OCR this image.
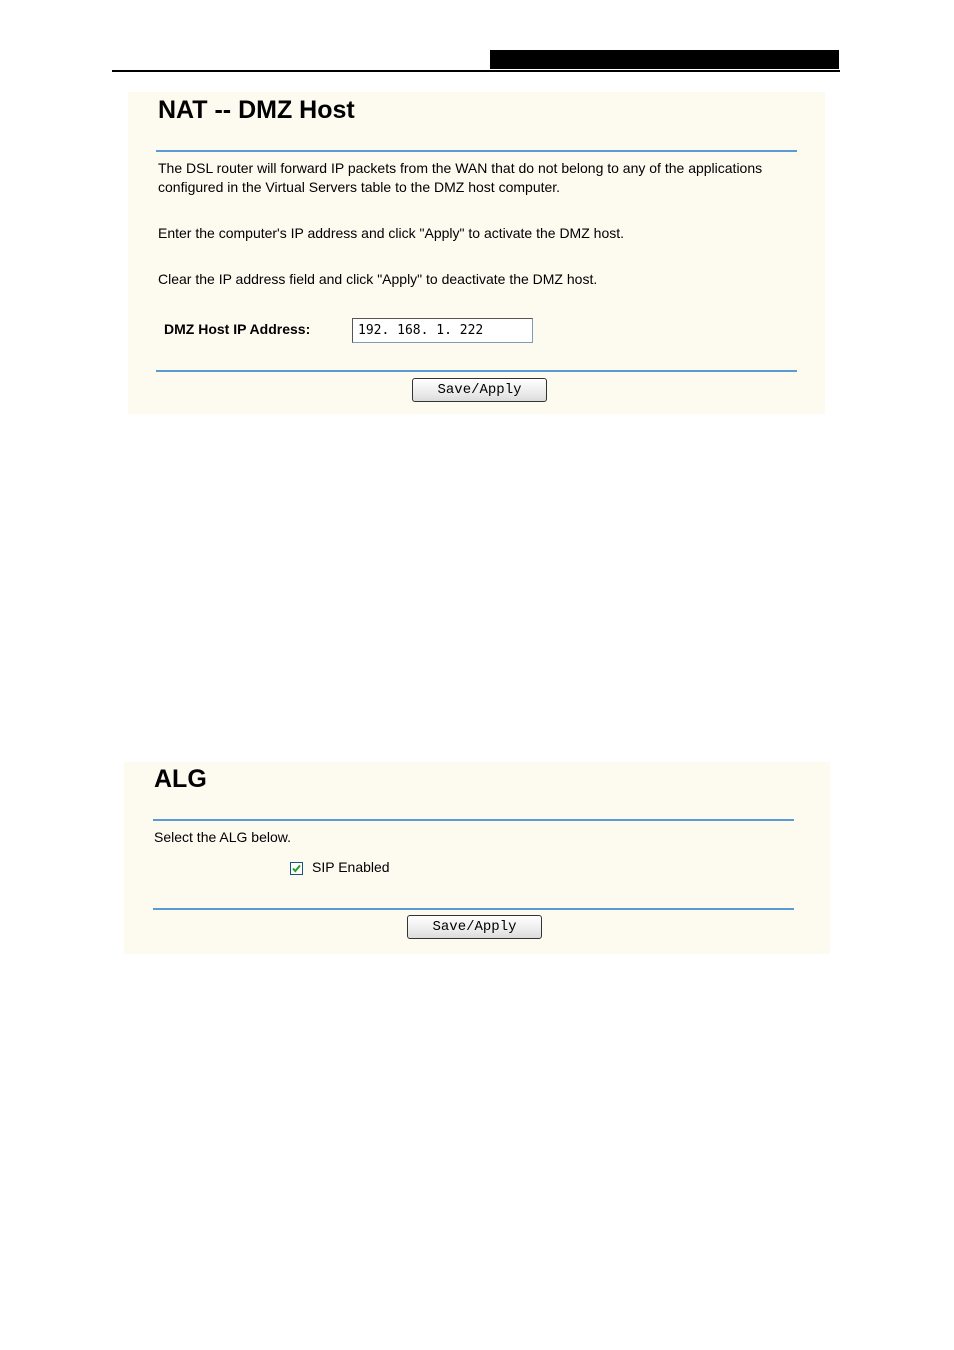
NAT -- DMZ Host
The DSL router will forward IP packets from the WAN that do not belong to any of the applications
configured in the Virtual Servers table to the DMZ host computer.
Enter the computer's IP address and click "Apply" to activate the DMZ host.
Clear the IP address field and click "Apply" to deactivate the DMZ host.
DMZ Host IP Address:
192. 168. 1. 222
Save/Apply
ALG
Select the ALG below.
SIP Enabled
Save/Apply
